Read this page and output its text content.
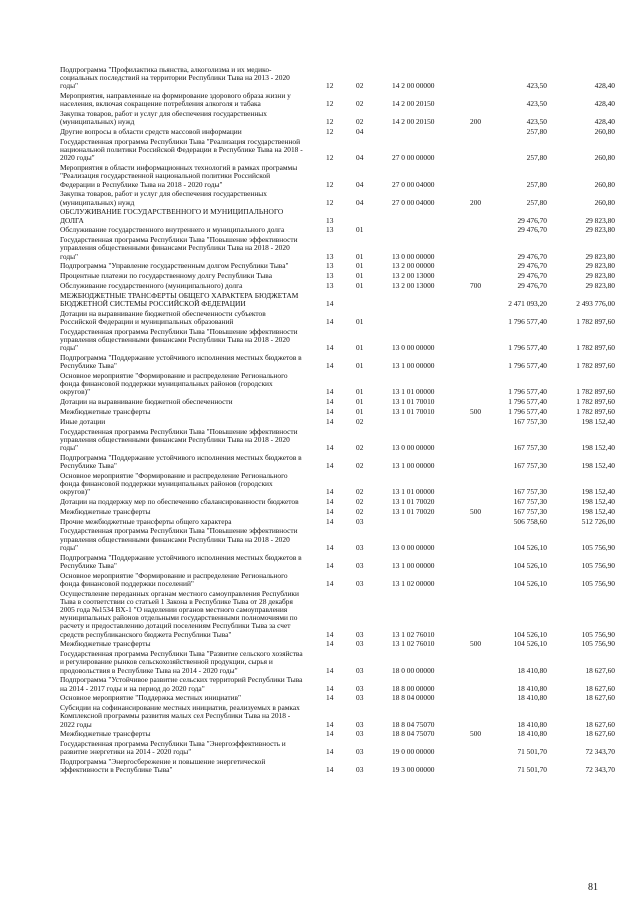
Подпрограмма "Профилактика пьянства, алкоголизма и их медико-
социальных последствий на территории Республики Тыва на 2013 - 2020
годы"	12	02	14 2 00 00000	423,50	428,40
Мероприятия, направленные на формирование здорового образа жизни у
населения, включая сокращение потребления алкоголя и табака	12	02	14 2 00 20150	423,50	428,40
Закупка товаров, работ и услуг для обеспечения государственных
(муниципальных) нужд	12	02	14 2 00 20150	200	423,50	428,40
Другие вопросы в области средств массовой информации	12	04	257,80	260,80
Государственная программа Республики Тыва "Реализация государственной
национальной политики Российской Федерации в Республике Тыва на 2018 -
2020 годы"	12	04	27 0 00 00000	257,80	260,80
Мероприятия в области информационных технологий в рамках программы
"Реализация государственной национальной политики Российской
Федерации в Республике Тыва на 2018 - 2020 годы"	12	04	27 0 00 04000	257,80	260,80
Закупка товаров, работ и услуг для обеспечения государственных
(муниципальных) нужд	12	04	27 0 00 04000	200	257,80	260,80
ОБСЛУЖИВАНИЕ ГОСУДАРСТВЕННОГО И МУНИЦИПАЛЬНОГО
ДОЛГА	13	29 476,70	29 823,80
Обслуживание государственного внутреннего и муниципального долга	13	01	29 476,70	29 823,80
Государственная программа Республики Тыва "Повышение эффективности
управления общественными финансами Республики Тыва на 2018 - 2020
годы"	13	01	13 0 00 00000	29 476,70	29 823,80
Подпрограмма "Управление государственным долгом Республики Тыва"	13	01	13 2 00 00000	29 476,70	29 823,80
Процентные платежи по государственному долгу Республики Тыва	13	01	13 2 00 13000	29 476,70	29 823,80
Обслуживание государственного (муниципального) долга	13	01	13 2 00 13000	700	29 476,70	29 823,80
МЕЖБЮДЖЕТНЫЕ ТРАНСФЕРТЫ ОБЩЕГО ХАРАКТЕРА БЮДЖЕТАМ
БЮДЖЕТНОЙ СИСТЕМЫ РОССИЙСКОЙ ФЕДЕРАЦИИ	14	2 471 093,20	2 493 776,00
Дотации на выравнивание бюджетной обеспеченности субъектов
Российской Федерации и муниципальных образований	14	01	1 796 577,40	1 782 897,60
Государственная программа Республики Тыва "Повышение эффективности
управления общественными финансами Республики Тыва на 2018 - 2020
годы"	14	01	13 0 00 00000	1 796 577,40	1 782 897,60
Подпрограмма "Поддержание устойчивого исполнения местных бюджетов в
Республике Тыва"	14	01	13 1 00 00000	1 796 577,40	1 782 897,60
Основное мероприятие "Формирование и распределение Регионального
фонда финансовой поддержки муниципальных районов (городских
округов)"	14	01	13 1 01 00000	1 796 577,40	1 782 897,60
Дотации на выравнивание бюджетной обеспеченности	14	01	13 1 01 70010	1 796 577,40	1 782 897,60
Межбюджетные трансферты	14	01	13 1 01 70010	500	1 796 577,40	1 782 897,60
Иные дотации	14	02	167 757,30	198 152,40
Государственная программа Республики Тыва "Повышение эффективности
управления общественными финансами Республики Тыва на 2018 - 2020
годы"	14	02	13 0 00 00000	167 757,30	198 152,40
Подпрограмма "Поддержание устойчивого исполнения местных бюджетов в
Республике Тыва"	14	02	13 1 00 00000	167 757,30	198 152,40
Основное мероприятие "Формирование и распределение Регионального
фонда финансовой поддержки муниципальных районов (городских
округов)"	14	02	13 1 01 00000	167 757,30	198 152,40
Дотации на поддержку мер по обеспечению сбалансированности бюджетов	14	02	13 1 01 70020	167 757,30	198 152,40
Межбюджетные трансферты	14	02	13 1 01 70020	500	167 757,30	198 152,40
Прочие межбюджетные трансферты общего характера	14	03	506 758,60	512 726,00
Государственная программа Республики Тыва "Повышение эффективности
управления общественными финансами Республики Тыва на 2018 - 2020
годы"	14	03	13 0 00 00000	104 526,10	105 756,90
Подпрограмма "Поддержание устойчивого исполнения местных бюджетов в
Республике Тыва"	14	03	13 1 00 00000	104 526,10	105 756,90
Основное мероприятие "Формирование и распределение Регионального
фонда финансовой поддержки поселений"	14	03	13 1 02 00000	104 526,10	105 756,90
Осуществление переданных органам местного самоуправления Республики
Тыва в соответствии со статьей 1 Закона в Республике Тыва от 28 декабря
2005 года №1534 ВХ-1 "О наделении органов местного самоуправления
муниципальных районов отдельными государственными полномочиями по
расчету и предоставлению дотаций поселениям Республики Тыва за счет
средств республиканского бюджета Республики Тыва"	14	03	13 1 02 76010	104 526,10	105 756,90
Межбюджетные трансферты	14	03	13 1 02 76010	500	104 526,10	105 756,90
Государственная программа Республики Тыва "Развитие сельского хозяйства
и регулирование рынков сельскохозяйственной продукции, сырья и
продовольствия в Республике Тыва на 2014 - 2020 годы"	14	03	18 0 00 00000	18 410,80	18 627,60
Подпрограмма "Устойчивое развитие сельских территорий Республики Тыва
на 2014 - 2017 годы и на период до 2020 года"	14	03	18 8 00 00000	18 410,80	18 627,60
Основное мероприятие "Поддержка местных инициатив"	14	03	18 8 04 00000	18 410,80	18 627,60
Субсидии на софинансирование местных инициатив, реализуемых в рамках
Комплексной программы развития малых сел Республики Тыва на 2018 -
2022 годы	14	03	18 8 04 75070	18 410,80	18 627,60
Межбюджетные трансферты	14	03	18 8 04 75070	500	18 410,80	18 627,60
Государственная программа Республики Тыва "Энергоэффективность и
развитие энергетики на 2014 - 2020 годы"	14	03	19 0 00 00000	71 501,70	72 343,70
Подпрограмма "Энергосбережение и повышение энергетической
эффективности в Республике Тыва"	14	03	19 3 00 00000	71 501,70	72 343,70
81
